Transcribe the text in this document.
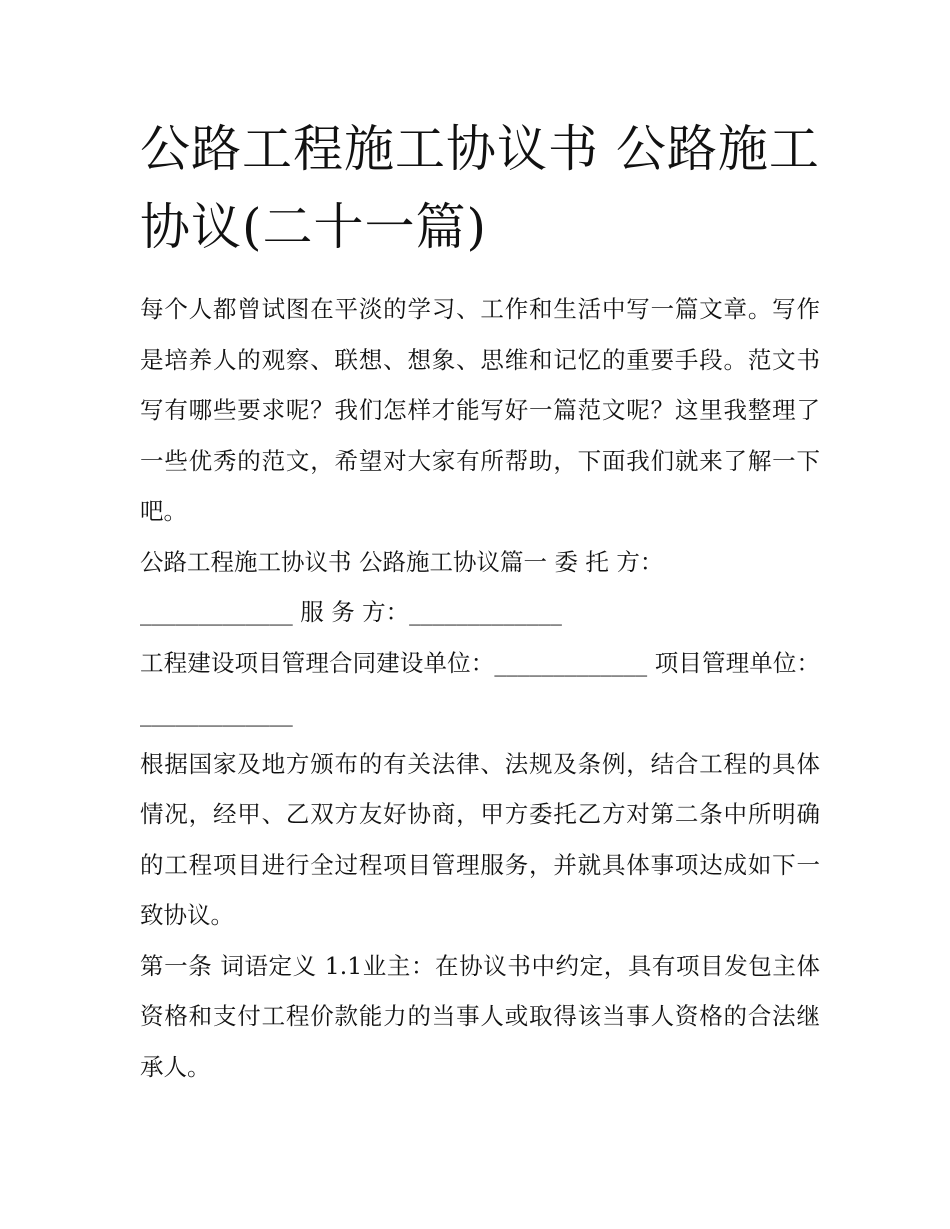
公路工程施工协议书 公路施工协议(二十一篇)

每个人都曾试图在平淡的学习、工作和生活中写一篇文章。写作是培养人的观察、联想、想象、思维和记忆的重要手段。范文书写有哪些要求呢？我们怎样才能写好一篇范文呢？这里我整理了一些优秀的范文，希望对大家有所帮助，下面我们就来了解一下吧。

公路工程施工协议书 公路施工协议篇一 委 托 方：

_____________ 服 务 方：_____________

工程建设项目管理合同建设单位：_____________ 项目管理单位：_____________

根据国家及地方颁布的有关法律、法规及条例，结合工程的具体情况，经甲、乙双方友好协商，甲方委托乙方对第二条中所明确的工程项目进行全过程项目管理服务，并就具体事项达成如下一致协议。

第一条 词语定义 1.1业主：在协议书中约定，具有项目发包主体资格和支付工程价款能力的当事人或取得该当事人资格的合法继承人。
